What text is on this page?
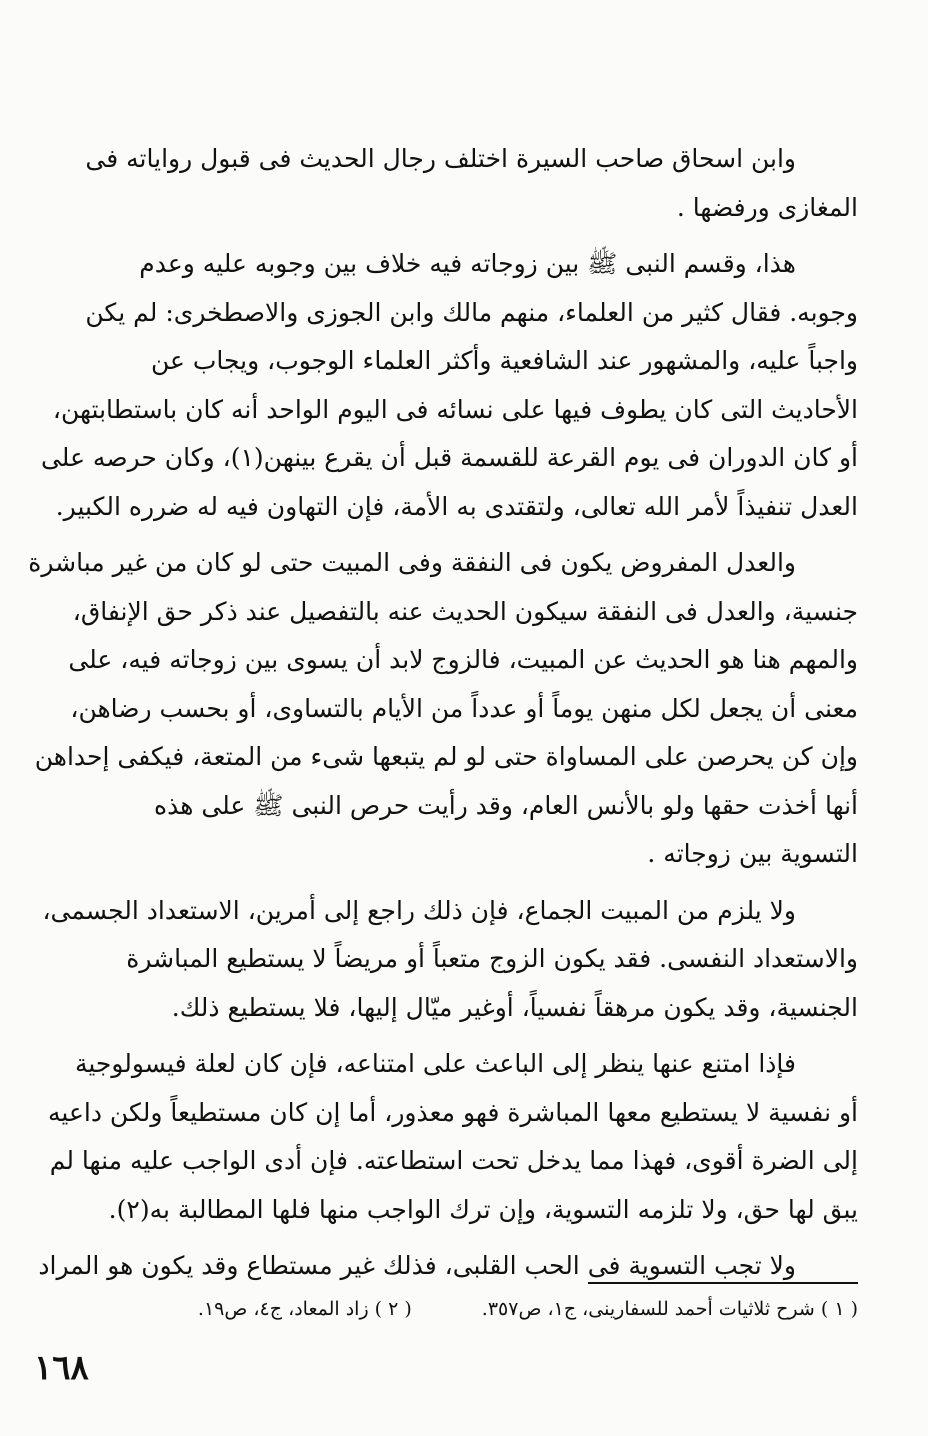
وابن اسحاق صاحب السيرة اختلف رجال الحديث فى قبول رواياته فى
المغازى ورفضها .
هذا، وقسم النبى ﷺ بين زوجاته فيه خلاف بين وجوبه عليه وعدم
وجوبه. فقال كثير من العلماء، منهم مالك وابن الجوزى والاصطخرى: لم يكن
واجباً عليه، والمشهور عند الشافعية وأكثر العلماء الوجوب، ويجاب عن
الأحاديث التى كان يطوف فيها على نسائه فى اليوم الواحد أنه كان باستطابتهن،
أو كان الدوران فى يوم القرعة للقسمة قبل أن يقرع بينهن(١)، وكان حرصه على
العدل تنفيذاً لأمر الله تعالى، ولتقتدى به الأمة، فإن التهاون فيه له ضرره الكبير.
والعدل المفروض يكون فى النفقة وفى المبيت حتى لو كان من غير مباشرة
جنسية، والعدل فى النفقة سيكون الحديث عنه بالتفصيل عند ذكر حق الإنفاق،
والمهم هنا هو الحديث عن المبيت، فالزوج لابد أن يسوى بين زوجاته فيه، على
معنى أن يجعل لكل منهن يوماً أو عدداً من الأيام بالتساوى، أو بحسب رضاهن،
وإن كن يحرصن على المساواة حتى لو لم يتبعها شىء من المتعة، فيكفى إحداهن
أنها أخذت حقها ولو بالأنس العام، وقد رأيت حرص النبى ﷺ على هذه
التسوية بين زوجاته .
ولا يلزم من المبيت الجماع، فإن ذلك راجع إلى أمرين، الاستعداد الجسمى،
والاستعداد النفسى. فقد يكون الزوج متعباً أو مريضاً لا يستطيع المباشرة
الجنسية، وقد يكون مرهقاً نفسياً، أوغير ميّال إليها، فلا يستطيع ذلك.
فإذا امتنع عنها ينظر إلى الباعث على امتناعه، فإن كان لعلة فيسولوجية
أو نفسية لا يستطيع معها المباشرة فهو معذور، أما إن كان مستطيعاً ولكن داعيه
إلى الضرة أقوى، فهذا مما يدخل تحت استطاعته. فإن أدى الواجب عليه منها لم
يبق لها حق، ولا تلزمه التسوية، وإن ترك الواجب منها فلها المطالبة به(٢).
ولا تجب التسوية فى الحب القلبى، فذلك غير مستطاع وقد يكون هو المراد
( ١ ) شرح ثلاثيات أحمد للسفارينى، ج١، ص٣٥٧.
( ٢ ) زاد المعاد، ج٤، ص١٩.
١٦٨
